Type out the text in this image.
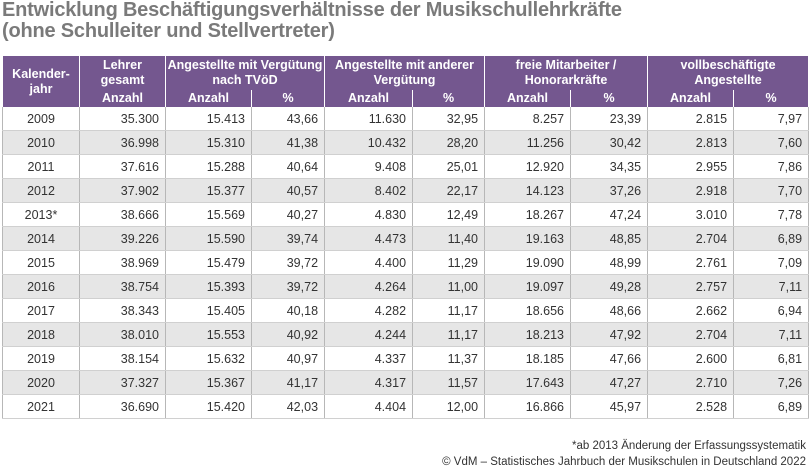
Entwicklung Beschäftigungsverhältnisse der Musikschullehrkräfte
(ohne Schulleiter und Stellvertreter)
Kalender-jahr	Lehrer gesamt	Angestellte mit Vergütung nach TVöD		Angestellte mit anderer Vergütung		freie Mitarbeiter / Honorarkräfte		vollbeschäftigte Angestellte	
	Anzahl	Anzahl	%	Anzahl	%	Anzahl	%	Anzahl	%
2009	35.300	15.413	43,66	11.630	32,95	8.257	23,39	2.815	7,97
2010	36.998	15.310	41,38	10.432	28,20	11.256	30,42	2.813	7,60
2011	37.616	15.288	40,64	9.408	25,01	12.920	34,35	2.955	7,86
2012	37.902	15.377	40,57	8.402	22,17	14.123	37,26	2.918	7,70
2013*	38.666	15.569	40,27	4.830	12,49	18.267	47,24	3.010	7,78
2014	39.226	15.590	39,74	4.473	11,40	19.163	48,85	2.704	6,89
2015	38.969	15.479	39,72	4.400	11,29	19.090	48,99	2.761	7,09
2016	38.754	15.393	39,72	4.264	11,00	19.097	49,28	2.757	7,11
2017	38.343	15.405	40,18	4.282	11,17	18.656	48,66	2.662	6,94
2018	38.010	15.553	40,92	4.244	11,17	18.213	47,92	2.704	7,11
2019	38.154	15.632	40,97	4.337	11,37	18.185	47,66	2.600	6,81
2020	37.327	15.367	41,17	4.317	11,57	17.643	47,27	2.710	7,26
2021	36.690	15.420	42,03	4.404	12,00	16.866	45,97	2.528	6,89
*ab 2013 Änderung der Erfassungssystematik
© VdM – Statistisches Jahrbuch der Musikschulen in Deutschland 2022
